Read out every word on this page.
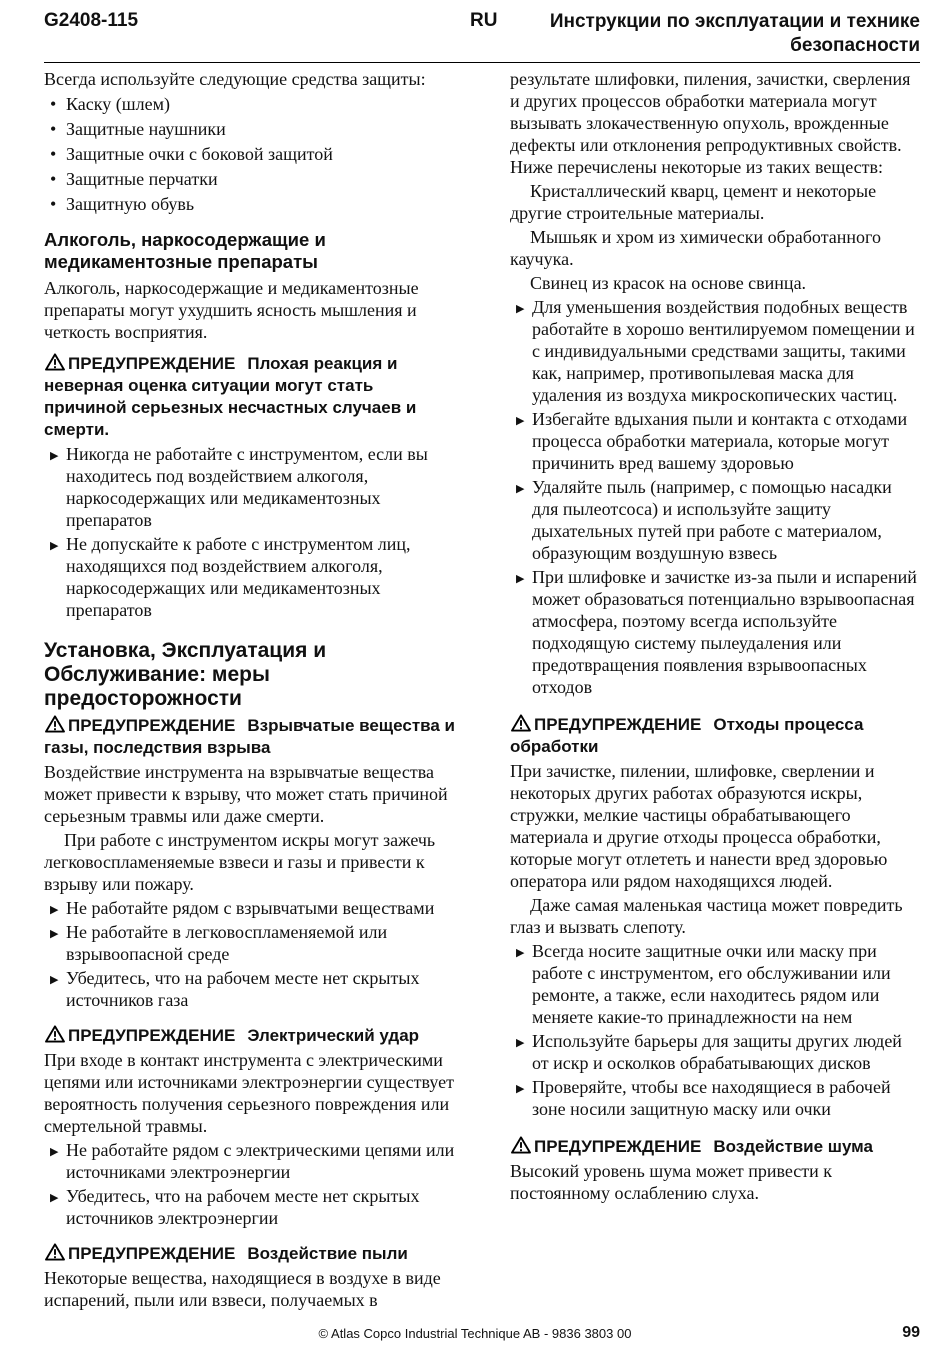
G2408-115	RU	Инструкции по эксплуатации и технике безопасности

Всегда используйте следующие средства защиты:

• Каску (шлем)
• Защитные наушники
• Защитные очки с боковой защитой
• Защитные перчатки
• Защитную обувь
Алкоголь, наркосодержащие и медикаментозные препараты

Алкоголь, наркосодержащие и медикаментозные препараты могут ухудшить ясность мышления и четкость восприятия.

ПРЕДУПРЕЖДЕНИЕ Плохая реакция и неверная оценка ситуации могут стать причиной серьезных несчастных случаев и смерти.
▶ Никогда не работайте с инструментом, если вы находитесь под воздействием алкоголя, наркосодержащих или медикаментозных препаратов
▶ Не допускайте к работе с инструментом лиц, находящихся под воздействием алкоголя, наркосодержащих или медикаментозных препаратов
Установка, Эксплуатация и Обслуживание: меры предосторожности
ПРЕДУПРЕЖДЕНИЕ Взрывчатые вещества и газы, последствия взрыва

Воздействие инструмента на взрывчатые вещества может привести к взрыву, что может стать причиной серьезным травмы или даже смерти.

При работе с инструментом искры могут зажечь легковоспламеняемые взвеси и газы и привести к взрыву или пожару.

▶ Не работайте рядом с взрывчатыми веществами
▶ Не работайте в легковоспламеняемой или взрывоопасной среде
▶ Убедитесь, что на рабочем месте нет скрытых источников газа
ПРЕДУПРЕЖДЕНИЕ Электрический удар

При входе в контакт инструмента с электрическими цепями или источниками электроэнергии существует вероятность получения серьезного повреждения или смертельной травмы.

▶ Не работайте рядом с электрическими цепями или источниками электроэнергии
▶ Убедитесь, что на рабочем месте нет скрытых источников электроэнергии
ПРЕДУПРЕЖДЕНИЕ Воздействие пыли

Некоторые вещества, находящиеся в воздухе в виде испарений, пыли или взвеси, получаемых в

результате шлифовки, пиления, зачистки, сверления и других процессов обработки материала могут вызывать злокачественную опухоль, врожденные дефекты или отклонения репродуктивных свойств. Ниже перечислены некоторые из таких веществ:

Кристаллический кварц, цемент и некоторые другие строительные материалы.

Мышьяк и хром из химически обработанного каучука.

Свинец из красок на основе свинца.

▶ Для уменьшения воздействия подобных веществ работайте в хорошо вентилируемом помещении и с индивидуальными средствами защиты, такими как, например, противопылевая маска для удаления из воздуха микроскопических частиц.
▶ Избегайте вдыхания пыли и контакта с отходами процесса обработки материала, которые могут причинить вред вашему здоровью
▶ Удаляйте пыль (например, с помощью насадки для пылеотсоса) и используйте защиту дыхательных путей при работе с материалом, образующим воздушную взвесь
▶ При шлифовке и зачистке из-за пыли и испарений может образоваться потенциально взрывоопасная атмосфера, поэтому всегда используйте подходящую систему пылеудаления или предотвращения появления взрывоопасных отходов
ПРЕДУПРЕЖДЕНИЕ Отходы процесса обработки

При зачистке, пилении, шлифовке, сверлении и некоторых других работах образуются искры, стружки, мелкие частицы обрабатывающего материала и другие отходы процесса обработки, которые могут отлететь и нанести вред здоровью оператора или рядом находящихся людей.

Даже самая маленькая частица может повредить глаз и вызвать слепоту.

▶ Всегда носите защитные очки или маску при работе с инструментом, его обслуживании или ремонте, а также, если находитесь рядом или меняете какие-то принадлежности на нем
▶ Используйте барьеры для защиты других людей от искр и осколков обрабатывающих дисков
▶ Проверяйте, чтобы все находящиеся в рабочей зоне носили защитную маску или очки
ПРЕДУПРЕЖДЕНИЕ Воздействие шума

Высокий уровень шума может привести к постоянному ослаблению слуха.

© Atlas Copco Industrial Technique AB - 9836 3803 00	99
